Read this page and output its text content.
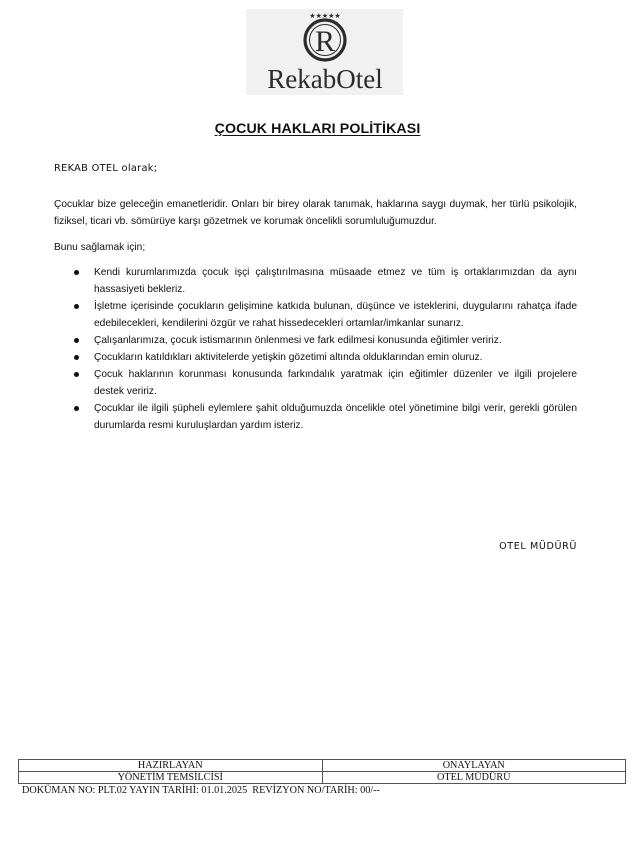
★★★★★
R
RekabOtel
ÇOCUK HAKLARI POLİTİKASI
REKAB OTEL olarak;
Çocuklar bize geleceğin emanetleridir. Onları bir birey olarak tanımak, haklarına saygı duymak, her türlü psikolojik, fiziksel, ticari vb. sömürüye karşı gözetmek ve korumak öncelikli sorumluluğumuzdur.
Bunu sağlamak için;
Kendi kurumlarımızda çocuk işçi çalıştırılmasına müsaade etmez ve tüm iş ortaklarımızdan da aynı hassasiyeti bekleriz.
İşletme içerisinde çocukların gelişimine katkıda bulunan, düşünce ve isteklerini, duygularını rahatça ifade edebilecekleri, kendilerini özgür ve rahat hissedecekleri ortamlar/imkanlar sunarız.
Çalışanlarımıza, çocuk istismarının önlenmesi ve fark edilmesi konusunda eğitimler veririz.
Çocukların katıldıkları aktivitelerde yetişkin gözetimi altında olduklarından emin oluruz.
Çocuk haklarının korunması konusunda farkındalık yaratmak için eğitimler düzenler ve ilgili projelere destek veririz.
Çocuklar ile ilgili şüpheli eylemlere şahit olduğumuzda öncelikle otel yönetimine bilgi verir, gerekli görülen durumlarda resmi kuruluşlardan yardım isteriz.
OTEL MÜDÜRÜ
HAZIRLAYAN	ONAYLAYAN
YÖNETİM TEMSİLCİSİ	OTEL MÜDÜRÜ
DOKÜMAN NO: PLT.02 YAYIN TARİHİ: 01.01.2025  REVİZYON NO/TARİH: 00/--
